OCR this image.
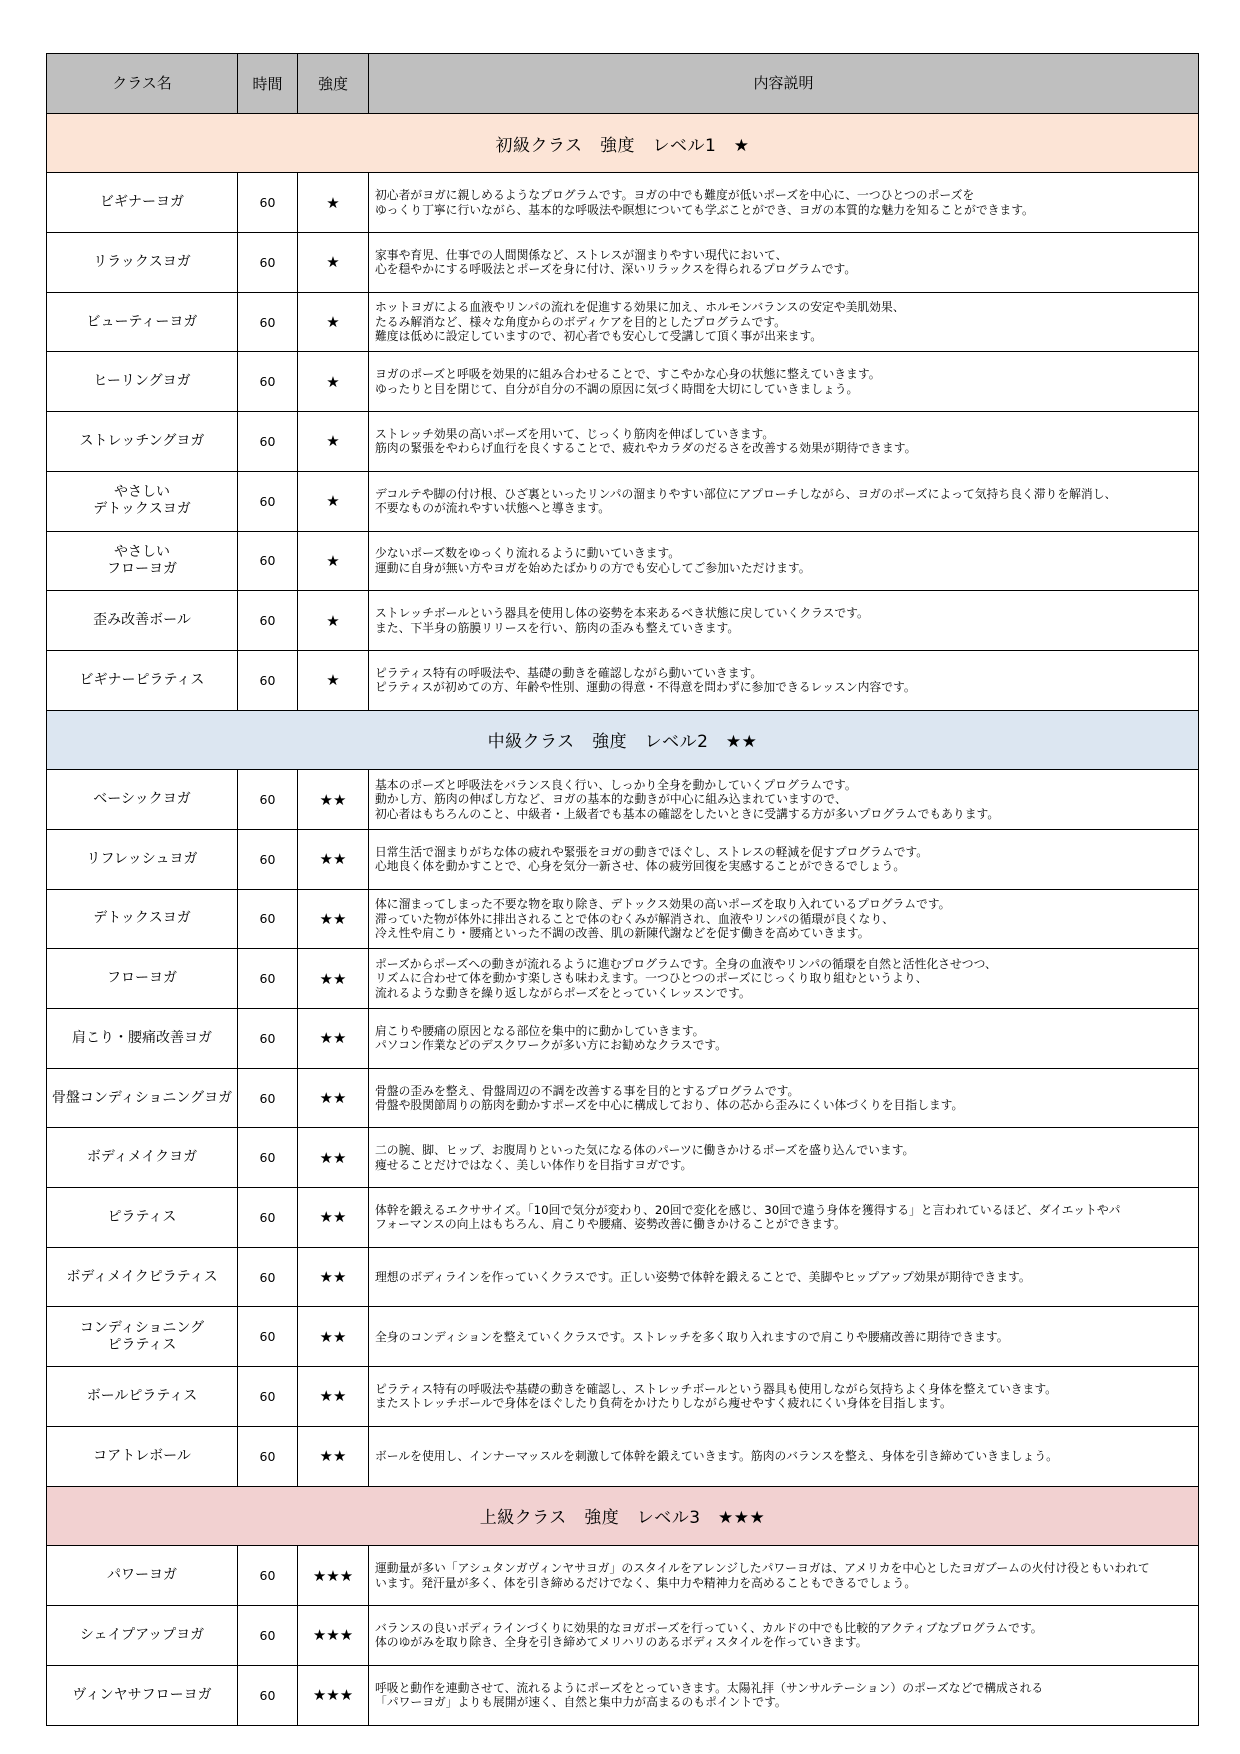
クラス名	時間	強度	内容説明
初級クラス　強度　レベル1　★
ビギナーヨガ	60	★	初心者がヨガに親しめるようなプログラムです。ヨガの中でも難度が低いポーズを中心に、一つひとつのポーズを
ゆっくり丁寧に行いながら、基本的な呼吸法や瞑想についても学ぶことができ、ヨガの本質的な魅力を知ることができます。
リラックスヨガ	60	★	家事や育児、仕事での人間関係など、ストレスが溜まりやすい現代において、
心を穏やかにする呼吸法とポーズを身に付け、深いリラックスを得られるプログラムです。
ビューティーヨガ	60	★
ホットヨガによる血液やリンパの流れを促進する効果に加え、ホルモンバランスの安定や美肌効果、
たるみ解消など、様々な角度からのボディケアを目的としたプログラムです。
難度は低めに設定していますので、初心者でも安心して受講して頂く事が出来ます。
ヒーリングヨガ	60	★	ヨガのポーズと呼吸を効果的に組み合わせることで、すこやかな心身の状態に整えていきます。
ゆったりと目を閉じて、自分が自分の不調の原因に気づく時間を大切にしていきましょう。
ストレッチングヨガ	60	★	ストレッチ効果の高いポーズを用いて、じっくり筋肉を伸ばしていきます。
筋肉の緊張をやわらげ血行を良くすることで、疲れやカラダのだるさを改善する効果が期待できます。
やさしい
デトックスヨガ	60	★	デコルテや脚の付け根、ひざ裏といったリンパの溜まりやすい部位にアプローチしながら、ヨガのポーズによって気持ち良く滞りを解消し、
不要なものが流れやすい状態へと導きます。
やさしい
フローヨガ	60	★	少ないポーズ数をゆっくり流れるように動いていきます。
運動に自身が無い方やヨガを始めたばかりの方でも安心してご参加いただけます。
歪み改善ボール	60	★	ストレッチボールという器具を使用し体の姿勢を本来あるべき状態に戻していくクラスです。
また、下半身の筋膜リリースを行い、筋肉の歪みも整えていきます。
ビギナーピラティス	60	★	ピラティス特有の呼吸法や、基礎の動きを確認しながら動いていきます。
ピラティスが初めての方、年齢や性別、運動の得意・不得意を問わずに参加できるレッスン内容です。
中級クラス　強度　レベル2　★★
ベーシックヨガ	60	★★
基本のポーズと呼吸法をバランス良く行い、しっかり全身を動かしていくプログラムです。
動かし方、筋肉の伸ばし方など、ヨガの基本的な動きが中心に組み込まれていますので、
初心者はもちろんのこと、中級者・上級者でも基本の確認をしたいときに受講する方が多いプログラムでもあります。
リフレッシュヨガ	60	★★	日常生活で溜まりがちな体の疲れや緊張をヨガの動きでほぐし、ストレスの軽減を促すプログラムです。
心地良く体を動かすことで、心身を気分一新させ、体の疲労回復を実感することができるでしょう。
デトックスヨガ	60	★★
体に溜まってしまった不要な物を取り除き、デトックス効果の高いポーズを取り入れているプログラムです。
滞っていた物が体外に排出されることで体のむくみが解消され、血液やリンパの循環が良くなり、
冷え性や肩こり・腰痛といった不調の改善、肌の新陳代謝などを促す働きを高めていきます。
フローヨガ	60	★★
ポーズからポーズへの動きが流れるように進むプログラムです。全身の血液やリンパの循環を自然と活性化させつつ、
リズムに合わせて体を動かす楽しさも味わえます。一つひとつのポーズにじっくり取り組むというより、
流れるような動きを繰り返しながらポーズをとっていくレッスンです。
肩こり・腰痛改善ヨガ	60	★★	肩こりや腰痛の原因となる部位を集中的に動かしていきます。
パソコン作業などのデスクワークが多い方にお勧めなクラスです。
骨盤コンディショニングヨガ	60	★★	骨盤の歪みを整え、骨盤周辺の不調を改善する事を目的とするプログラムです。
骨盤や股関節周りの筋肉を動かすポーズを中心に構成しており、体の芯から歪みにくい体づくりを目指します。
ボディメイクヨガ	60	★★	二の腕、脚、ヒップ、お腹周りといった気になる体のパーツに働きかけるポーズを盛り込んでいます。
痩せることだけではなく、美しい体作りを目指すヨガです。
ピラティス	60	★★	体幹を鍛えるエクササイズ。「10回で気分が変わり、20回で変化を感じ、30回で違う身体を獲得する」と言われているほど、ダイエットやパ
フォーマンスの向上はもちろん、肩こりや腰痛、姿勢改善に働きかけることができます。
ボディメイクピラティス	60	★★	理想のボディラインを作っていくクラスです。正しい姿勢で体幹を鍛えることで、美脚やヒップアップ効果が期待できます。
コンディショニング
ピラティス	60	★★	全身のコンディションを整えていくクラスです。ストレッチを多く取り入れますので肩こりや腰痛改善に期待できます。
ボールピラティス	60	★★	ピラティス特有の呼吸法や基礎の動きを確認し、ストレッチボールという器具も使用しながら気持ちよく身体を整えていきます。
またストレッチボールで身体をほぐしたり負荷をかけたりしながら痩せやすく疲れにくい身体を目指します。
コアトレボール	60	★★	ボールを使用し、インナーマッスルを刺激して体幹を鍛えていきます。筋肉のバランスを整え、身体を引き締めていきましょう。
上級クラス　強度　レベル3　★★★
パワーヨガ	60	★★★	運動量が多い「アシュタンガヴィンヤサヨガ」のスタイルをアレンジしたパワーヨガは、アメリカを中心としたヨガブームの火付け役ともいわれて
います。発汗量が多く、体を引き締めるだけでなく、集中力や精神力を高めることもできるでしょう。
シェイプアップヨガ	60	★★★	バランスの良いボディラインづくりに効果的なヨガポーズを行っていく、カルドの中でも比較的アクティブなプログラムです。
体のゆがみを取り除き、全身を引き締めてメリハリのあるボディスタイルを作っていきます。
ヴィンヤサフローヨガ	60	★★★	呼吸と動作を連動させて、流れるようにポーズをとっていきます。太陽礼拝（サンサルテーション）のポーズなどで構成される
「パワーヨガ」よりも展開が速く、自然と集中力が高まるのもポイントです。
